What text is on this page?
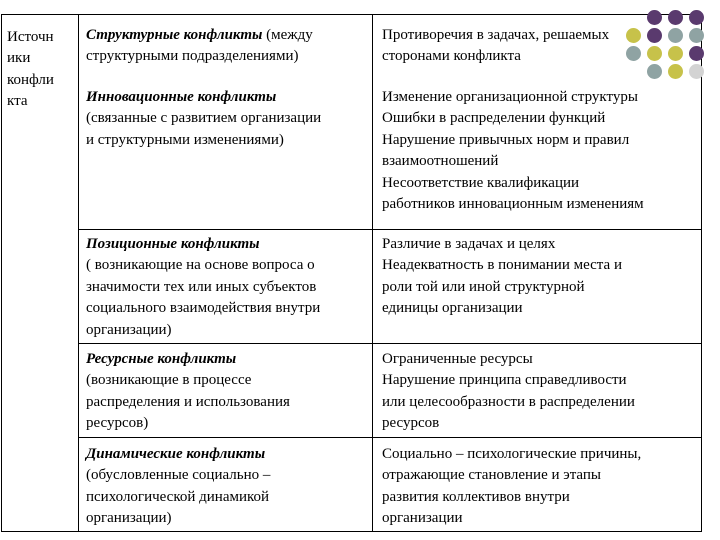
Источн

ики

конфли

кта

Структурные конфликты (между

структурными подразделениями)

Противоречия в задачах, решаемых

сторонами конфликта

Инновационные конфликты

(связанные с развитием организации

и структурными изменениями)

Изменение организационной структуры

Ошибки в распределении функций

Нарушение привычных норм и правил

взаимоотношений

Несоответствие квалификации

работников инновационным изменениям

Позиционные конфликты

( возникающие на основе вопроса о

значимости тех или иных субъектов

социального взаимодействия внутри

организации)

Различие в задачах и целях

Неадекватность в понимании места и

роли той или иной структурной

единицы организации

Ресурсные конфликты

(возникающие в процессе

распределения и использования

ресурсов)

Ограниченные ресурсы

Нарушение принципа справедливости

или целесообразности в распределении

ресурсов

Динамические конфликты

(обусловленные социально –

психологической динамикой

организации)

Социально – психологические причины,

отражающие становление и этапы

развития коллективов внутри

организации
